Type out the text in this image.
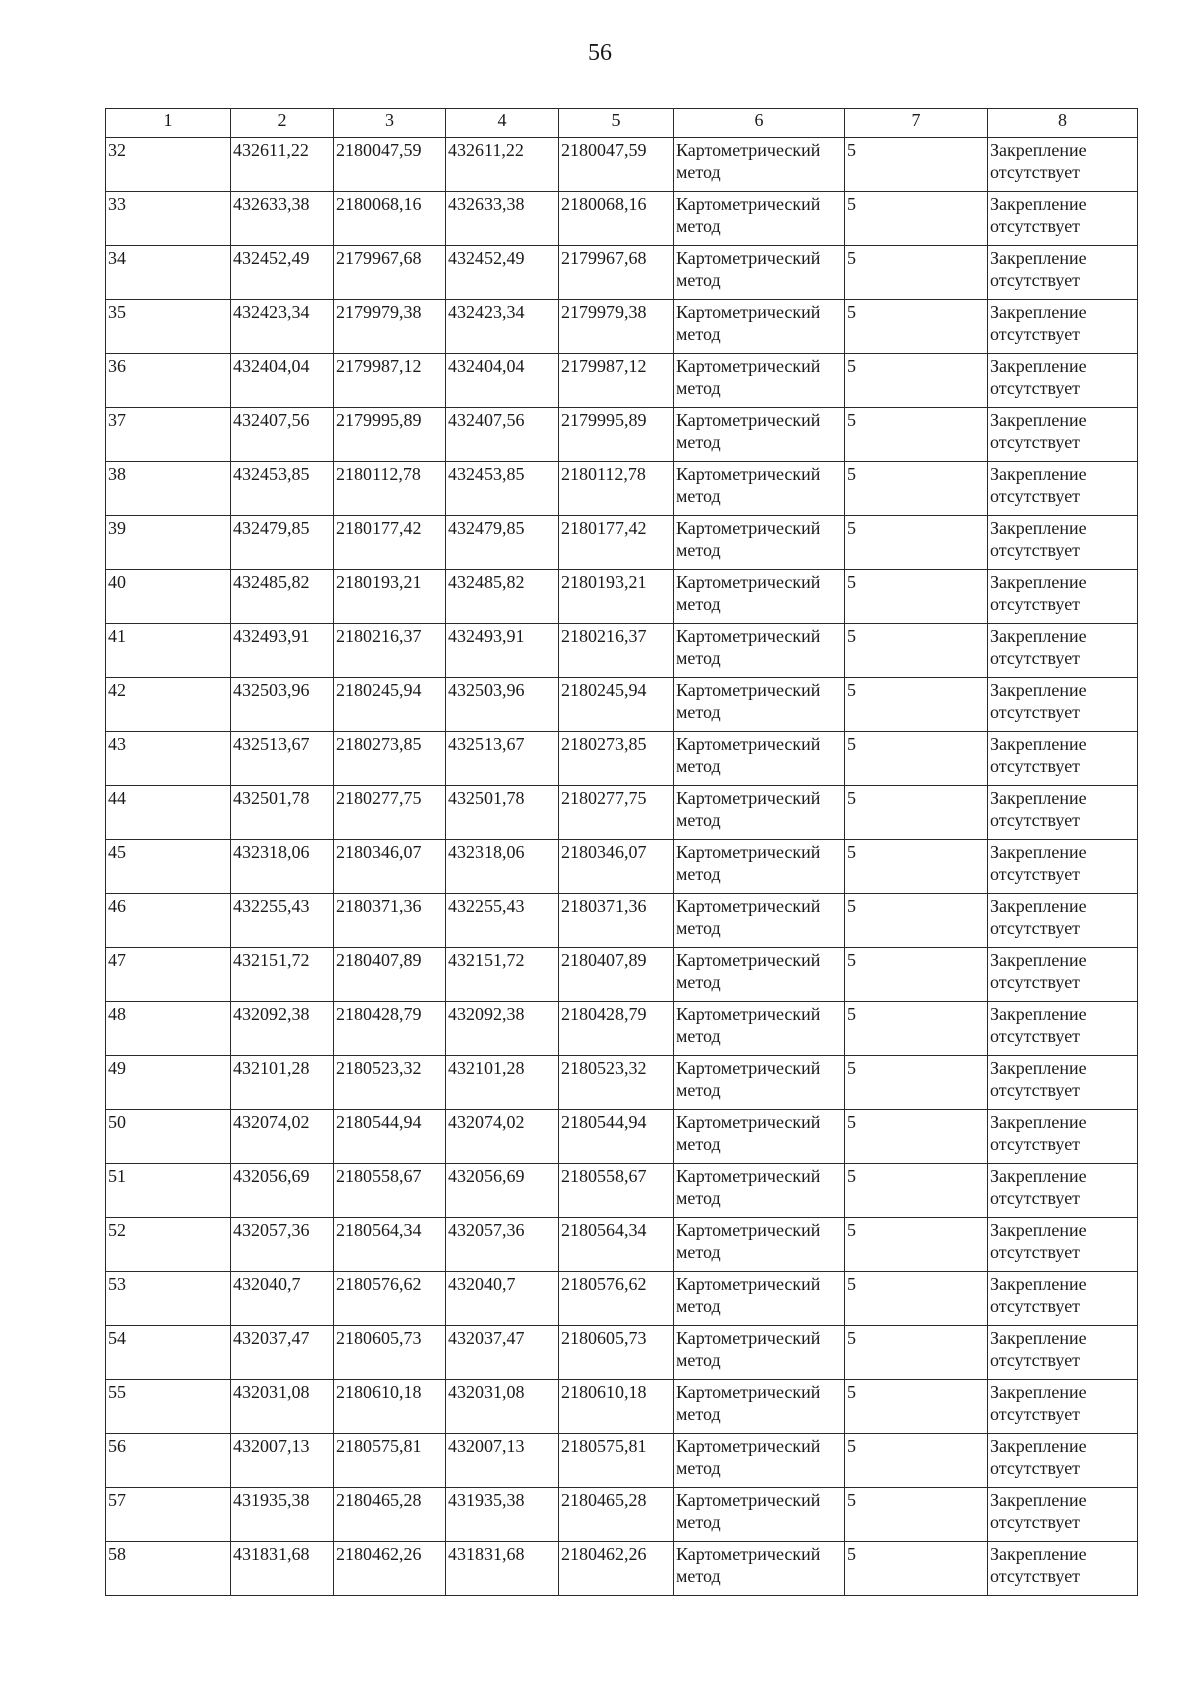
56
1	2	3	4	5	6	7	8
32	432611,22	2180047,59	432611,22	2180047,59	Картометрический метод	5	Закрепление отсутствует
33	432633,38	2180068,16	432633,38	2180068,16	Картометрический метод	5	Закрепление отсутствует
34	432452,49	2179967,68	432452,49	2179967,68	Картометрический метод	5	Закрепление отсутствует
35	432423,34	2179979,38	432423,34	2179979,38	Картометрический метод	5	Закрепление отсутствует
36	432404,04	2179987,12	432404,04	2179987,12	Картометрический метод	5	Закрепление отсутствует
37	432407,56	2179995,89	432407,56	2179995,89	Картометрический метод	5	Закрепление отсутствует
38	432453,85	2180112,78	432453,85	2180112,78	Картометрический метод	5	Закрепление отсутствует
39	432479,85	2180177,42	432479,85	2180177,42	Картометрический метод	5	Закрепление отсутствует
40	432485,82	2180193,21	432485,82	2180193,21	Картометрический метод	5	Закрепление отсутствует
41	432493,91	2180216,37	432493,91	2180216,37	Картометрический метод	5	Закрепление отсутствует
42	432503,96	2180245,94	432503,96	2180245,94	Картометрический метод	5	Закрепление отсутствует
43	432513,67	2180273,85	432513,67	2180273,85	Картометрический метод	5	Закрепление отсутствует
44	432501,78	2180277,75	432501,78	2180277,75	Картометрический метод	5	Закрепление отсутствует
45	432318,06	2180346,07	432318,06	2180346,07	Картометрический метод	5	Закрепление отсутствует
46	432255,43	2180371,36	432255,43	2180371,36	Картометрический метод	5	Закрепление отсутствует
47	432151,72	2180407,89	432151,72	2180407,89	Картометрический метод	5	Закрепление отсутствует
48	432092,38	2180428,79	432092,38	2180428,79	Картометрический метод	5	Закрепление отсутствует
49	432101,28	2180523,32	432101,28	2180523,32	Картометрический метод	5	Закрепление отсутствует
50	432074,02	2180544,94	432074,02	2180544,94	Картометрический метод	5	Закрепление отсутствует
51	432056,69	2180558,67	432056,69	2180558,67	Картометрический метод	5	Закрепление отсутствует
52	432057,36	2180564,34	432057,36	2180564,34	Картометрический метод	5	Закрепление отсутствует
53	432040,7	2180576,62	432040,7	2180576,62	Картометрический метод	5	Закрепление отсутствует
54	432037,47	2180605,73	432037,47	2180605,73	Картометрический метод	5	Закрепление отсутствует
55	432031,08	2180610,18	432031,08	2180610,18	Картометрический метод	5	Закрепление отсутствует
56	432007,13	2180575,81	432007,13	2180575,81	Картометрический метод	5	Закрепление отсутствует
57	431935,38	2180465,28	431935,38	2180465,28	Картометрический метод	5	Закрепление отсутствует
58	431831,68	2180462,26	431831,68	2180462,26	Картометрический метод	5	Закрепление отсутствует
